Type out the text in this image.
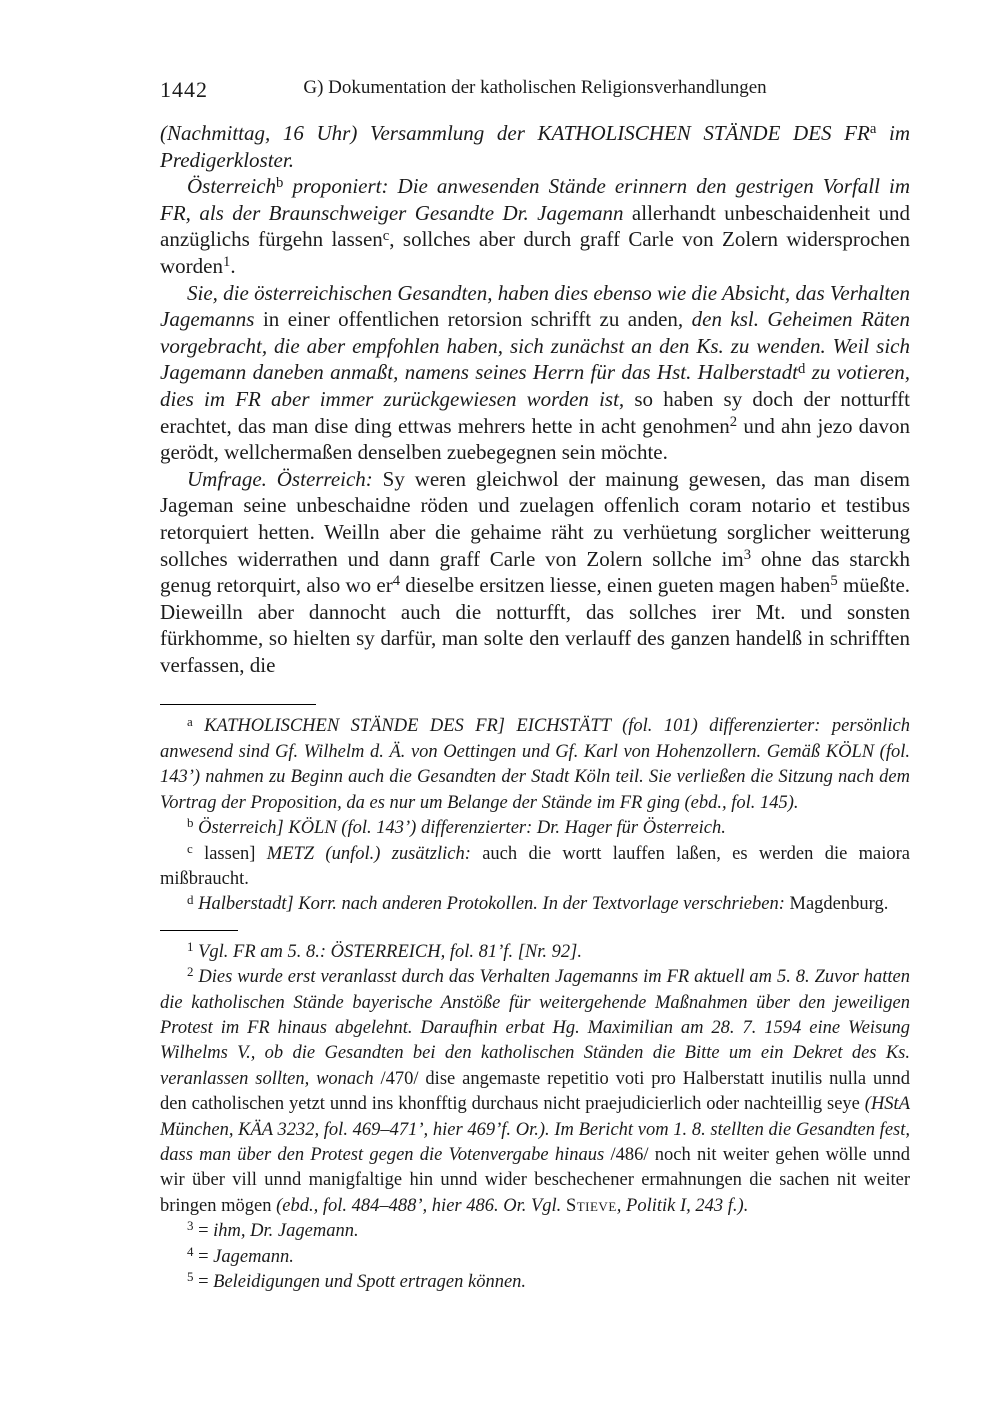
1442	G) Dokumentation der katholischen Religionsverhandlungen

(Nachmittag, 16 Uhr) Versammlung der KATHOLISCHEN STÄNDE DES $FR^a$ im Predigerkloster.

Österreich$^b$ proponiert: Die anwesenden Stände erinnern den gestrigen Vorfall im FR, als der Braunschweiger Gesandte Dr. Jagemann allerhandt unbeschaidenheit und anzüglichs fürgehn lassen$^c$, sollches aber durch graff Carle von Zolern widersprochen worden$^1$.

Sie, die österreichischen Gesandten, haben dies ebenso wie die Absicht, das Verhalten Jagemanns in einer offentlichen retorsion schrifft zu anden, den ksl. Geheimen Räten vorgebracht, die aber empfohlen haben, sich zunächst an den Ks. zu wenden. Weil sich Jagemann daneben anmaßt, namens seines Herrn für das Hst. Halberstadt$^d$ zu votieren, dies im FR aber immer zurückgewiesen worden ist, so haben sy doch der notturfft erachtet, das man dise ding ettwas mehrers hette in acht genohmen$^2$ und ahn jezo davon gerödt, wellchermaßen denselben zuebegegnen sein möchte.

Umfrage. Österreich: Sy weren gleichwol der mainung gewesen, das man disem Jageman seine unbeschaidne röden und zuelagen offenlich coram notario et testibus retorquiert hetten. Weilln aber die gehaime räht zu verhüetung sorglicher weitterung sollches widerrathen und dann graff Carle von Zolern sollche $im^3$ ohne das starckh genug retorquirt, also wo $er^4$ dieselbe ersitzen liesse, einen gueten magen haben$^5$ müeßte. Dieweilln aber dannocht auch die notturfft, das sollches irer Mt. und sonsten fürkhomme, so hielten sy darfür, man solte den verlauff des ganzen handelß in schrifften verfassen, die

$^a$ KATHOLISCHEN STÄNDE DES FR] EICHSTÄTT (fol. 101) differenzierter: persönlich anwesend sind Gf. Wilhelm d. Ä. von Oettingen und Gf. Karl von Hohenzollern. Gemäß KÖLN (fol. 143’) nahmen zu Beginn auch die Gesandten der Stadt Köln teil. Sie verließen die Sitzung nach dem Vortrag der Proposition, da es nur um Belange der Stände im FR ging (ebd., fol. 145).

$^b$ Österreich] KÖLN (fol. 143’) differenzierter: Dr. Hager für Österreich.

$^c$ lassen] METZ (unfol.) zusätzlich: auch die wortt lauffen laßen, es werden die maiora mißbraucht.

$^d$ Halberstadt] Korr. nach anderen Protokollen. In der Textvorlage verschrieben: Magdenburg.

$^1$ Vgl. FR am 5. 8.: ÖSTERREICH, fol. 81’f. [Nr. 92].

$^2$ Dies wurde erst veranlasst durch das Verhalten Jagemanns im FR aktuell am 5. 8. Zuvor hatten die katholischen Stände bayerische Anstöße für weitergehende Maßnahmen über den jeweiligen Protest im FR hinaus abgelehnt. Daraufhin erbat Hg. Maximilian am 28. 7. 1594 eine Weisung Wilhelms V., ob die Gesandten bei den katholischen Ständen die Bitte um ein Dekret des Ks. veranlassen sollten, wonach /470/ dise angemaste repetitio voti pro Halberstatt inutilis nulla unnd den catholischen yetzt unnd ins khonfftig durchaus nicht praejudicierlich oder nachteillig seye (HStA München, KÄA 3232, fol. 469–471’, hier 469’f. Or.). Im Bericht vom 1. 8. stellten die Gesandten fest, dass man über den Protest gegen die Votenvergabe hinaus /486/ noch nit weiter gehen wölle unnd wir über vill unnd manigfaltige hin unnd wider beschechener ermahnungen die sachen nit weiter bringen mögen (ebd., fol. 484–488’, hier 486. Or. Vgl. Stieve, Politik I, 243 f.).

$^3$ = ihm, Dr. Jagemann.

$^4$ = Jagemann.

$^5$ = Beleidigungen und Spott ertragen können.
